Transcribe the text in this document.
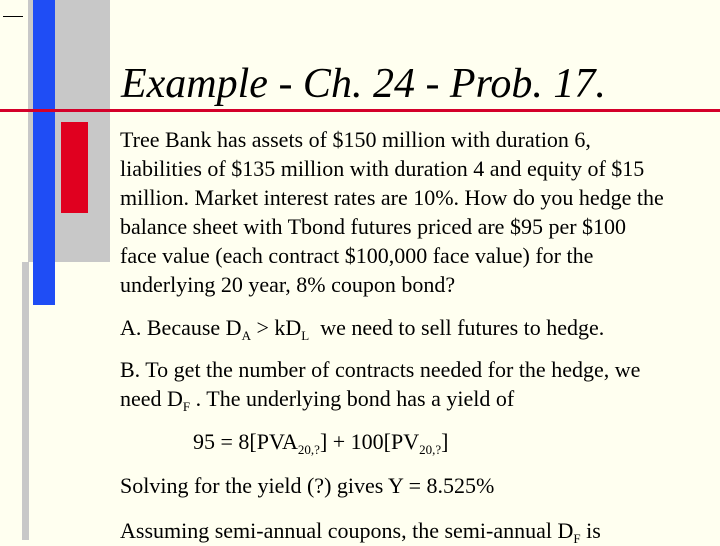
Example - Ch. 24 - Prob. 17.
Tree Bank has assets of $150 million with duration 6,
liabilities of $135 million with duration 4 and equity of $15
million. Market interest rates are 10%. How do you hedge the
balance sheet with Tbond futures priced are $95 per $100
face value (each contract $100,000 face value) for the
underlying 20 year, 8% coupon bond?
A. Because $D_A > kD_L$  we need to sell futures to hedge.
B. To get the number of contracts needed for the hedge, we
need $D_F$ . The underlying bond has a yield of
$95 = 8[PVA_{20,?}] + 100[PV_{20,?}]$
Solving for the yield (?) gives Y = 8.525%
Assuming semi-annual coupons, the semi-annual $D_F$ is
